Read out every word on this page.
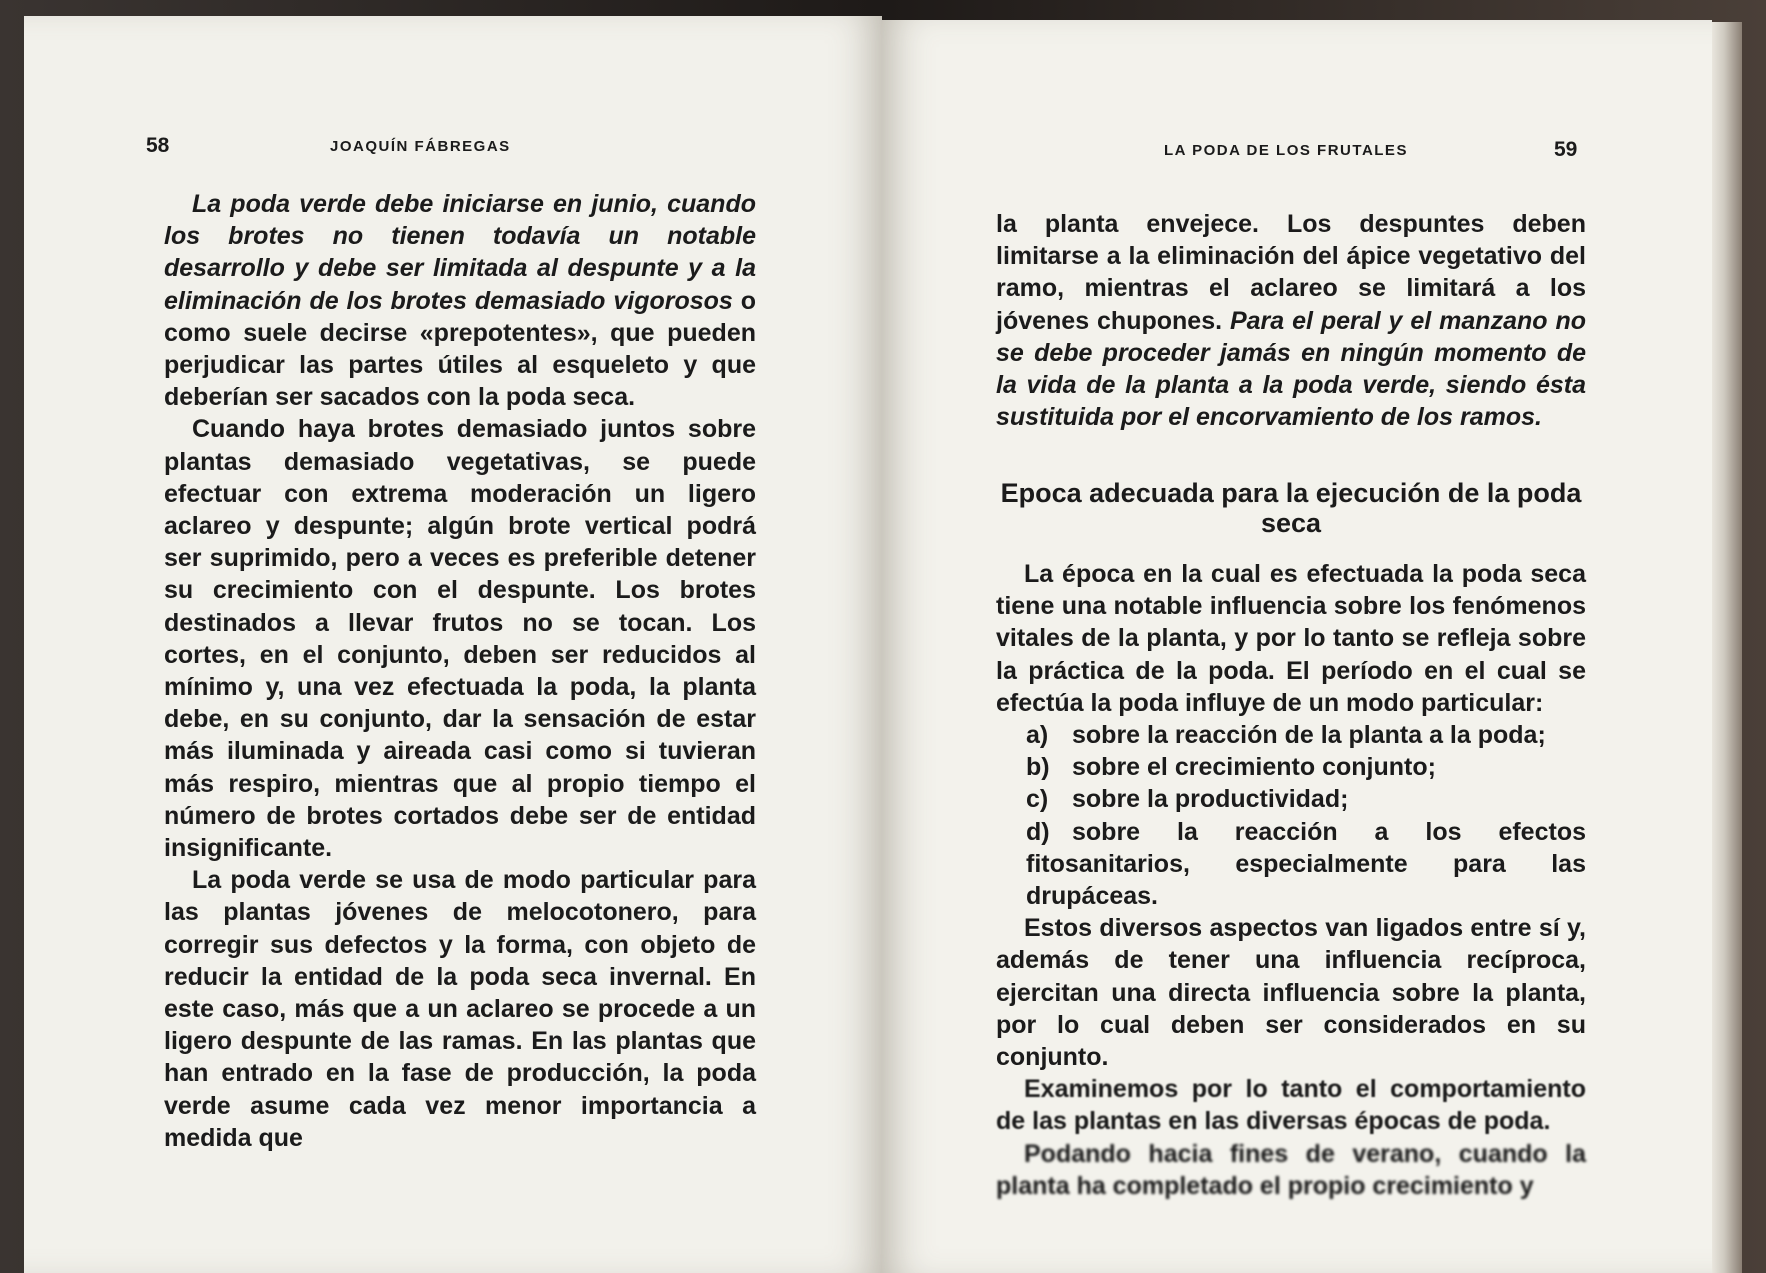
58	JOAQUÍN FÁBREGAS

La poda verde debe iniciarse en junio, cuando los brotes no tienen todavía un notable desarrollo y debe ser limitada al despunte y a la eliminación de los brotes demasiado vigorosos o como suele decirse «prepotentes», que pueden perjudicar las partes útiles al esqueleto y que deberían ser sacados con la poda seca.

Cuando haya brotes demasiado juntos sobre plantas demasiado vegetativas, se puede efectuar con extrema moderación un ligero aclareo y despunte; algún brote vertical podrá ser suprimido, pero a veces es preferible detener su crecimiento con el despunte. Los brotes destinados a llevar frutos no se tocan. Los cortes, en el conjunto, deben ser reducidos al mínimo y, una vez efectuada la poda, la planta debe, en su conjunto, dar la sensación de estar más iluminada y aireada casi como si tuvieran más respiro, mientras que al propio tiempo el número de brotes cortados debe ser de entidad insignificante.

La poda verde se usa de modo particular para las plantas jóvenes de melocotonero, para corregir sus defectos y la forma, con objeto de reducir la entidad de la poda seca invernal. En este caso, más que a un aclareo se procede a un ligero despunte de las ramas. En las plantas que han entrado en la fase de producción, la poda verde asume cada vez menor importancia a medida que

LA PODA DE LOS FRUTALES	59

la planta envejece. Los despuntes deben limitarse a la eliminación del ápice vegetativo del ramo, mientras el aclareo se limitará a los jóvenes chupones. Para el peral y el manzano no se debe proceder jamás en ningún momento de la vida de la planta a la poda verde, siendo ésta sustituida por el encorvamiento de los ramos.

Epoca adecuada para la ejecución de la poda seca

La época en la cual es efectuada la poda seca tiene una notable influencia sobre los fenómenos vitales de la planta, y por lo tanto se refleja sobre la práctica de la poda. El período en el cual se efectúa la poda influye de un modo particular:

a) sobre la reacción de la planta a la poda;
b) sobre el crecimiento conjunto;
c) sobre la productividad;
d) sobre la reacción a los efectos fitosanitarios, especialmente para las drupáceas.

Estos diversos aspectos van ligados entre sí y, además de tener una influencia recíproca, ejercitan una directa influencia sobre la planta, por lo cual deben ser considerados en su conjunto.

Examinemos por lo tanto el comportamiento de las plantas en las diversas épocas de poda.

Podando hacia fines de verano, cuando la planta ha completado el propio crecimiento y
